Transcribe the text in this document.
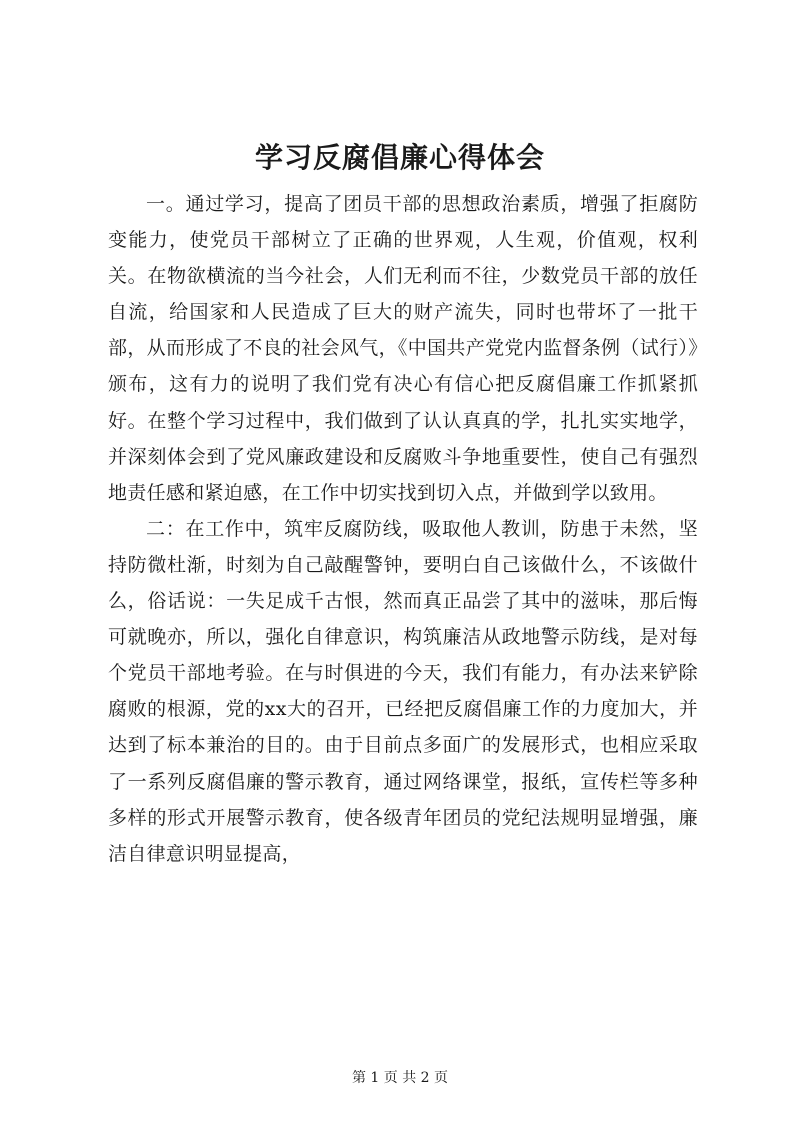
学习反腐倡廉心得体会

一。通过学习，提高了团员干部的思想政治素质，增强了拒腐防变能力，使党员干部树立了正确的世界观，人生观，价值观，权利关。在物欲横流的当今社会，人们无利而不往，少数党员干部的放任自流，给国家和人民造成了巨大的财产流失，同时也带坏了一批干部，从而形成了不良的社会风气，《中国共产党党内监督条例（试行）》颁布，这有力的说明了我们党有决心有信心把反腐倡廉工作抓紧抓好。在整个学习过程中，我们做到了认认真真的学，扎扎实实地学，并深刻体会到了党风廉政建设和反腐败斗争地重要性，使自己有强烈地责任感和紧迫感，在工作中切实找到切入点，并做到学以致用。

二：在工作中，筑牢反腐防线，吸取他人教训，防患于未然，坚持防微杜渐，时刻为自己敲醒警钟，要明白自己该做什么，不该做什么，俗话说：一失足成千古恨，然而真正品尝了其中的滋味，那后悔可就晚亦，所以，强化自律意识，构筑廉洁从政地警示防线，是对每个党员干部地考验。在与时俱进的今天，我们有能力，有办法来铲除腐败的根源，党的xx大的召开，已经把反腐倡廉工作的力度加大，并达到了标本兼治的目的。由于目前点多面广的发展形式，也相应采取了一系列反腐倡廉的警示教育，通过网络课堂，报纸，宣传栏等多种多样的形式开展警示教育，使各级青年团员的党纪法规明显增强，廉洁自律意识明显提高，

第 1 页 共 2 页
